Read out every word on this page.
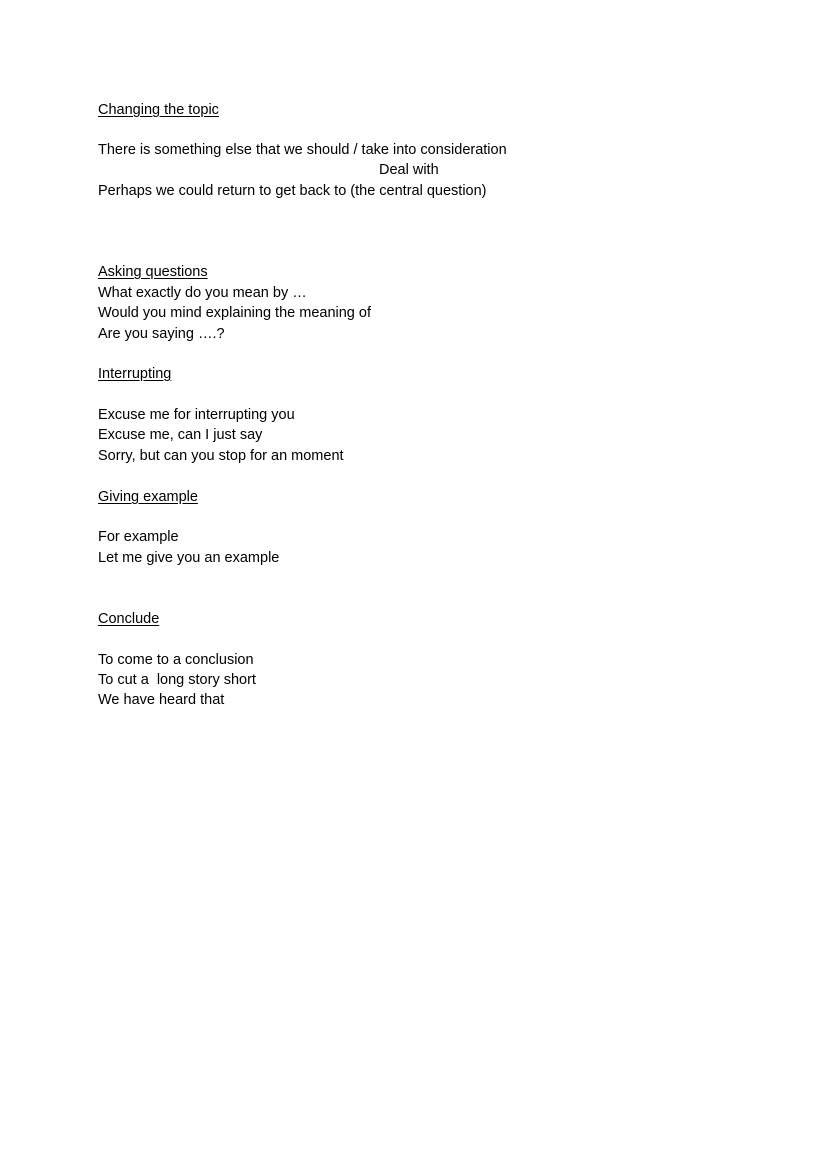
Changing the topic
There is something else that we should / take into consideration
Deal with
Perhaps we could return to get back to (the central question)
Asking questions
What exactly do you mean by …
Would you mind explaining the meaning of
Are you saying ….?
Interrupting
Excuse me for interrupting you
Excuse me, can I just say
Sorry, but can you stop for an moment
Giving example
For example
Let me give you an example
Conclude
To come to a conclusion
To cut a  long story short
We have heard that
